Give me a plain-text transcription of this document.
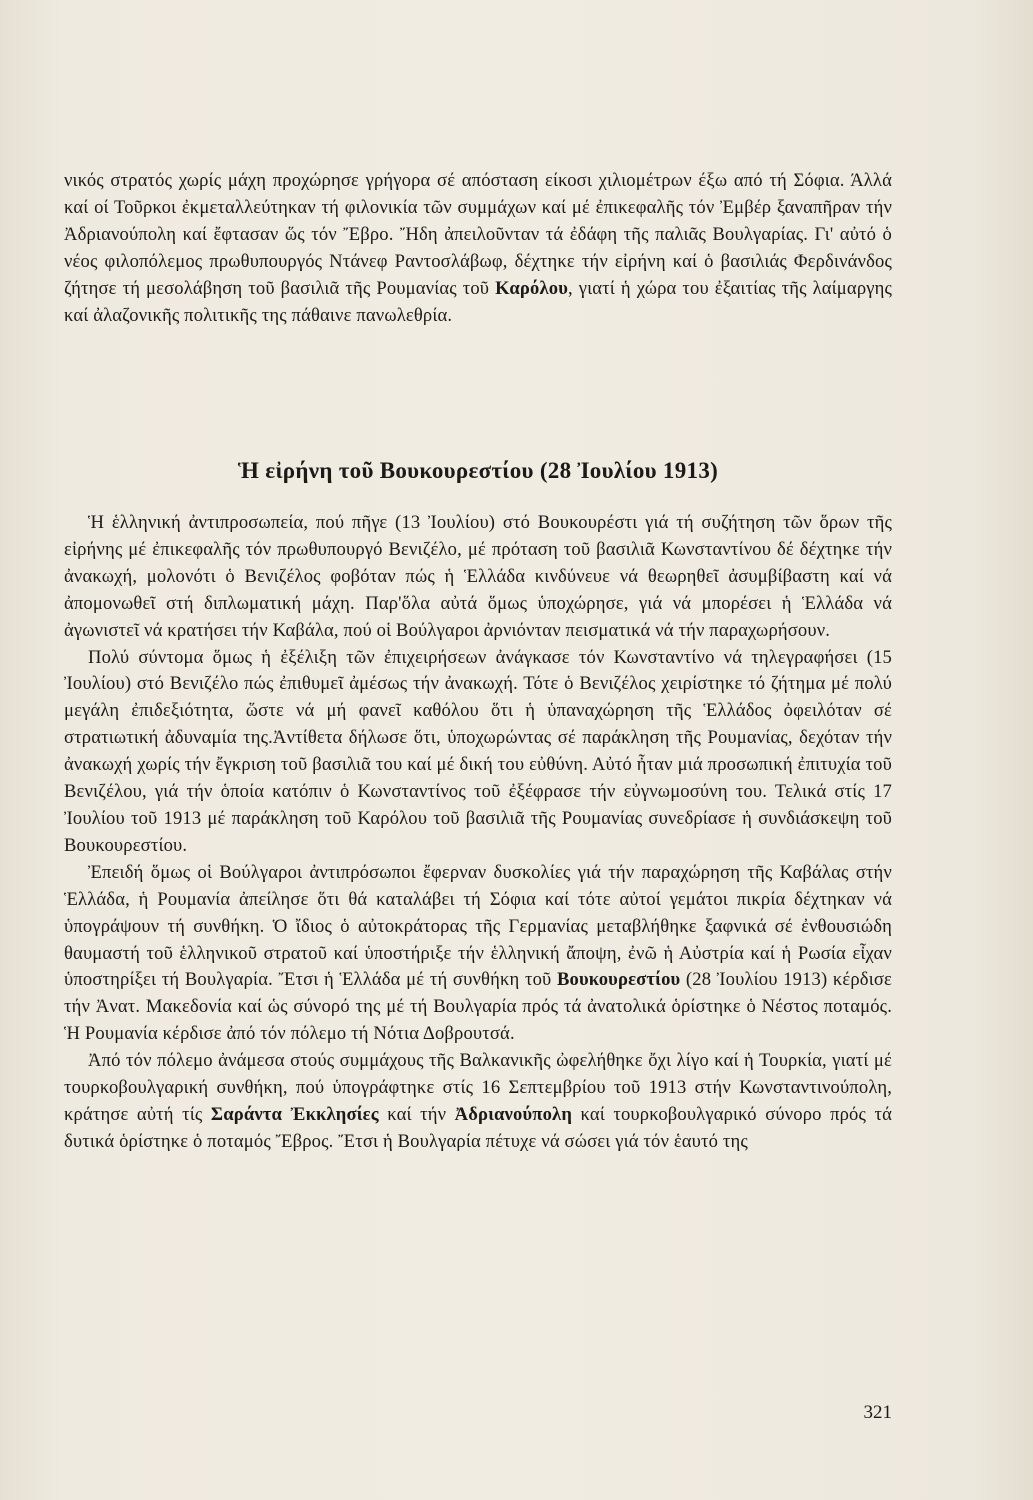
νικός στρατός χωρίς μάχη προχώρησε γρήγορα σέ απόσταση είκοσι χιλιομέτρων έξω από τή Σόφια. Άλλά καί οί Τοῦρκοι ἐκμεταλλεύτηκαν τή φιλονικία τῶν συμμάχων καί μέ ἐπικεφαλῆς τόν Ἐμβέρ ξαναπῆραν τήν Ἀδριανούπολη καί ἔφτασαν ὥς τόν Ἔβρο. Ἤδη ἀπειλοῦνταν τά ἐδάφη τῆς παλιᾶς Βουλγαρίας. Γι' αὐτό ὁ νέος φιλοπόλεμος πρωθυπουργός Ντάνεφ Ραντοσλάβωφ, δέχτηκε τήν εἰρήνη καί ὁ βασιλιάς Φερδινάνδος ζήτησε τή μεσολάβηση τοῦ βασιλιᾶ τῆς Ρουμανίας τοῦ Καρόλου, γιατί ἡ χώρα του ἐξαιτίας τῆς λαίμαργης καί ἀλαζονικῆς πολιτικῆς της πάθαινε πανωλεθρία.

Ἡ εἰρήνη τοῦ Βουκουρεστίου (28 Ἰουλίου 1913)

Ἡ ἑλληνική ἀντιπροσωπεία, πού πῆγε (13 Ἰουλίου) στό Βουκουρέστι γιά τή συζήτηση τῶν ὅρων τῆς εἰρήνης μέ ἐπικεφαλῆς τόν πρωθυπουργό Βενιζέλο, μέ πρόταση τοῦ βασιλιᾶ Κωνσταντίνου δέ δέχτηκε τήν ἀνακωχή, μολονότι ὁ Βενιζέλος φοβόταν πώς ἡ Ἑλλάδα κινδύνευε νά θεωρηθεῖ ἀσυμβίβαστη καί νά ἀπομονωθεῖ στή διπλωματική μάχη. Παρ'ὅλα αὐτά ὅμως ὑποχώρησε, γιά νά μπορέσει ἡ Ἑλλάδα νά ἀγωνιστεῖ νά κρατήσει τήν Καβάλα, πού οἱ Βούλγαροι ἀρνιόνταν πεισματικά νά τήν παραχωρήσουν.

Πολύ σύντομα ὅμως ἡ ἐξέλιξη τῶν ἐπιχειρήσεων ἀνάγκασε τόν Κωνσταντίνο νά τηλεγραφήσει (15 Ἰουλίου) στό Βενιζέλο πώς ἐπιθυμεῖ ἀμέσως τήν ἀνακωχή. Τότε ὁ Βενιζέλος χειρίστηκε τό ζήτημα μέ πολύ μεγάλη ἐπιδεξιότητα, ὥστε νά μή φανεῖ καθόλου ὅτι ἡ ὑπαναχώρηση τῆς Ἑλλάδος ὀφειλόταν σέ στρατιωτική ἀδυναμία της.Ἀντίθετα δήλωσε ὅτι, ὑποχωρώντας σέ παράκληση τῆς Ρουμανίας, δεχόταν τήν ἀνακωχή χωρίς τήν ἔγκριση τοῦ βασιλιᾶ του καί μέ δική του εὐθύνη. Αὐτό ἦταν μιά προσωπική ἐπιτυχία τοῦ Βενιζέλου, γιά τήν ὁποία κατόπιν ὁ Κωνσταντίνος τοῦ ἐξέφρασε τήν εὐγνωμοσύνη του. Τελικά στίς 17 Ἰουλίου τοῦ 1913 μέ παράκληση τοῦ Καρόλου τοῦ βασιλιᾶ τῆς Ρουμανίας συνεδρίασε ἡ συνδιάσκεψη τοῦ Βουκουρεστίου.

Ἐπειδή ὅμως οἱ Βούλγαροι ἀντιπρόσωποι ἔφερναν δυσκολίες γιά τήν παραχώρηση τῆς Καβάλας στήν Ἑλλάδα, ἡ Ρουμανία ἀπείλησε ὅτι θά καταλάβει τή Σόφια καί τότε αὐτοί γεμάτοι πικρία δέχτηκαν νά ὑπογράψουν τή συνθήκη. Ὁ ἴδιος ὁ αὐτοκράτορας τῆς Γερμανίας μεταβλήθηκε ξαφνικά σέ ἐνθουσιώδη θαυμαστή τοῦ ἑλληνικοῦ στρατοῦ καί ὑποστήριξε τήν ἑλληνική ἄποψη, ἐνῶ ἡ Αὐστρία καί ἡ Ρωσία εἶχαν ὑποστηρίξει τή Βουλγαρία. Ἔτσι ἡ Ἑλλάδα μέ τή συνθήκη τοῦ Βουκουρεστίου (28 Ἰουλίου 1913) κέρδισε τήν Ἀνατ. Μακεδονία καί ὡς σύνορό της μέ τή Βουλγαρία πρός τά ἀνατολικά ὁρίστηκε ὁ Νέστος ποταμός. Ἡ Ρουμανία κέρδισε ἀπό τόν πόλεμο τή Νότια Δοβρουτσά.

Ἀπό τόν πόλεμο ἀνάμεσα στούς συμμάχους τῆς Βαλκανικῆς ὠφελήθηκε ὄχι λίγο καί ἡ Τουρκία, γιατί μέ τουρκοβουλγαρική συνθήκη, πού ὑπογράφτηκε στίς 16 Σεπτεμβρίου τοῦ 1913 στήν Κωνσταντινούπολη, κράτησε αὐτή τίς Σαράντα Ἐκκλησίες καί τήν Ἀδριανούπολη καί τουρκοβουλγαρικό σύνορο πρός τά δυτικά ὁρίστηκε ὁ ποταμός Ἔβρος. Ἔτσι ἡ Βουλγαρία πέτυχε νά σώσει γιά τόν ἑαυτό της

321
